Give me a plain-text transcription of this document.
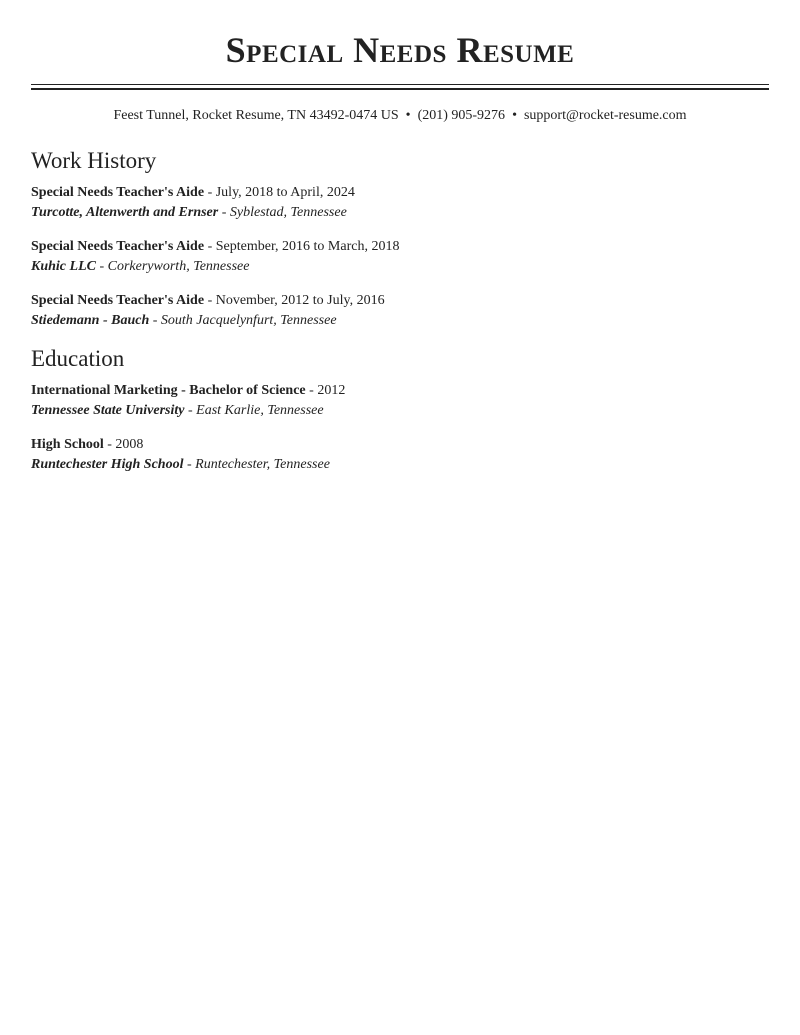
Special Needs Resume
Feest Tunnel, Rocket Resume, TN 43492-0474 US • (201) 905-9276 • support@rocket-resume.com
Work History
Special Needs Teacher's Aide - July, 2018 to April, 2024
Turcotte, Altenwerth and Ernser - Syblestad, Tennessee
Special Needs Teacher's Aide - September, 2016 to March, 2018
Kuhic LLC - Corkeryworth, Tennessee
Special Needs Teacher's Aide - November, 2012 to July, 2016
Stiedemann - Bauch - South Jacquelynfurt, Tennessee
Education
International Marketing - Bachelor of Science - 2012
Tennessee State University - East Karlie, Tennessee
High School - 2008
Runtechester High School - Runtechester, Tennessee
